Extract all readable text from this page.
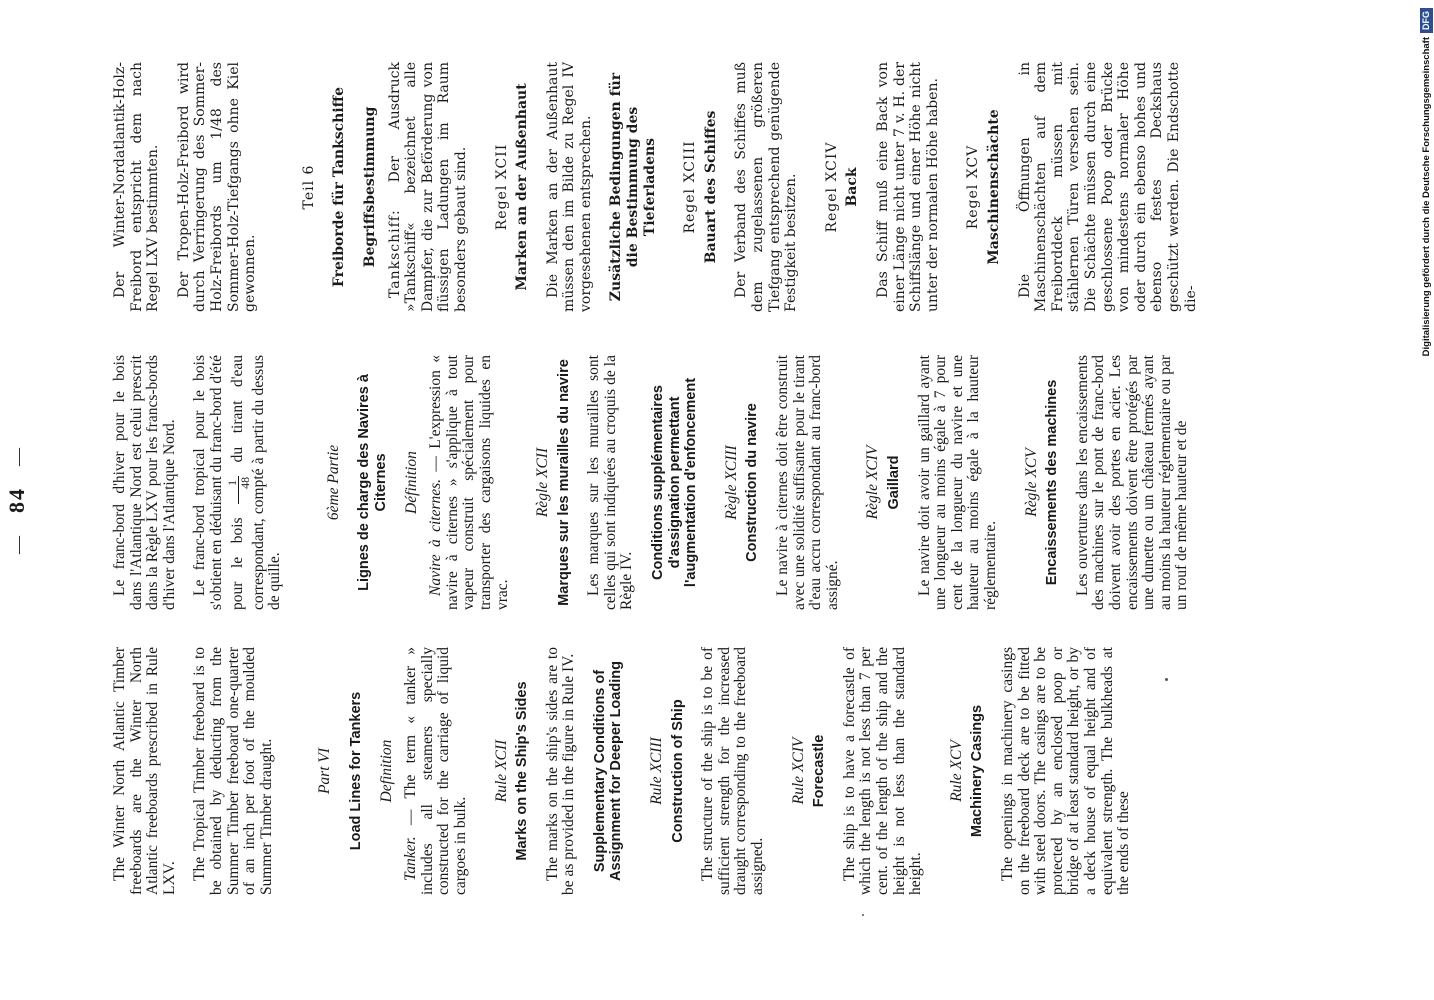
—   84   —

The Winter North Atlantic Timber freeboards are the Winter North Atlantic freeboards prescribed in Rule LXV. The Tropical Timber freeboard is to be obtained by deducting from the Summer Timber freeboard one-quarter of an inch per foot of the moulded Summer Timber draught.	Part VI Load Lines for Tankers Definition

Tanker. — The term « tanker » includes all steamers specially constructed for the carriage of liquid cargoes in bulk.

Rule XCII Marks on the Ship's Sides The marks on the ship's sides are to be as provided in the figure in Rule IV. Supplementary Conditions of Assignment for Deeper Loading Rule XCIII Construction of Ship The structure of the ship is to be of sufficient strength for the increased draught corresponding to the freeboard assigned.

Rule XCIV Forecastle The ship is to have a forecastle of which the length is not less than 7 per cent. of the length of the ship and the height is not less than the standard height.

Rule XCV Machinery Casings The openings in machinery casings on the freeboard deck are to be fitted with steel doors. The casings are to be protected by an enclosed poop or bridge of at least standard height, or by a deck house of equal height and of equivalent strength. The bulkheads at the ends of these

Le franc-bord d'hiver pour le bois dans l'Atlantique Nord est celui prescrit dans la Règle LXV pour les francs-bords d'hiver dans l'Atlantique Nord. Le franc-bord tropical pour le bois s'obtient en déduisant du franc-bord d'été pour le bois
1 48
du tirant d'eau correspondant, compté à partir du dessus de quille.

6ème Partie Lignes de charge des Navires à Citernes Définition Navire à citernes. — L'expression « navire à citernes » s'applique à tout vapeur construit spécialement pour transporter des cargaisons liquides en vrac.

Règle XCII Marques sur les murailles du navire Les marques sur les murailles sont celles qui sont indiquées au croquis de la Règle IV.

Conditions supplémentaires d'assignation permettant l'augmentation d'enfoncement Règle XCIII Construction du navire Le navire à citernes doit être construit avec une solidité suffisante pour le tirant d'eau accru correspondant au franc-bord assigné.

Règle XCIV Gaillard Le navire doit avoir un gaillard ayant une longueur au moins égale à 7 pour cent de la longueur du navire et une hauteur au moins égale à la hauteur réglementaire.

Règle XCV Encaissements des machines Les ouvertures dans les encaissements des machines sur le pont de franc-bord doivent avoir des portes en acier. Les encaissements doivent être protégés par une dunette ou un château fermés ayant au moins la hauteur réglementaire ou par un rouf de même hauteur et de

Der Winter-Nordatlantik-Holz-Freibord entspricht dem nach Regel LXV bestimmten. Der Tropen-Holz-Freibord wird durch Verringerung des Sommer-Holz-Freibords um 1/48 des Sommer-Holz-Tiefgangs ohne Kiel gewonnen.

Teil 6 Freiborde für Tankschiffe Begriffsbestimmung Tankschiff: Der Ausdruck »Tankschiff« bezeichnet alle Dampfer, die zur Beförderung von flüssigen Ladungen im Raum besonders gebaut sind. Regel XCII Marken an der Außenhaut Die Marken an der Außenhaut müssen den im Bilde zu Regel IV vorgesehenen entsprechen. Zusätzliche Bedingungen für die Bestimmung des Tieferladens Regel XCIII Bauart des Schiffes Der Verband des Schiffes muß dem zugelassenen größeren Tiefgang entsprechend genügende Festigkeit besitzen. Regel XCIV Back Das Schiff muß eine Back von einer Länge nicht unter 7 v. H. der Schiffslänge und einer Höhe nicht unter der normalen Höhe haben. Regel XCV Maschinenschächte Die Öffnungen in Maschinenschächten auf dem Freiborddeck müssen mit stählernen Türen versehen sein. Die Schächte müssen durch eine geschlossene Poop oder Brücke von mindestens normaler Höhe oder durch ein ebenso hohes und ebenso festes Deckshaus geschützt werden. Die Endschotte die-	Digitalisierung gefördert durch die Deutsche Forschungsgemeinschaft
DFG
